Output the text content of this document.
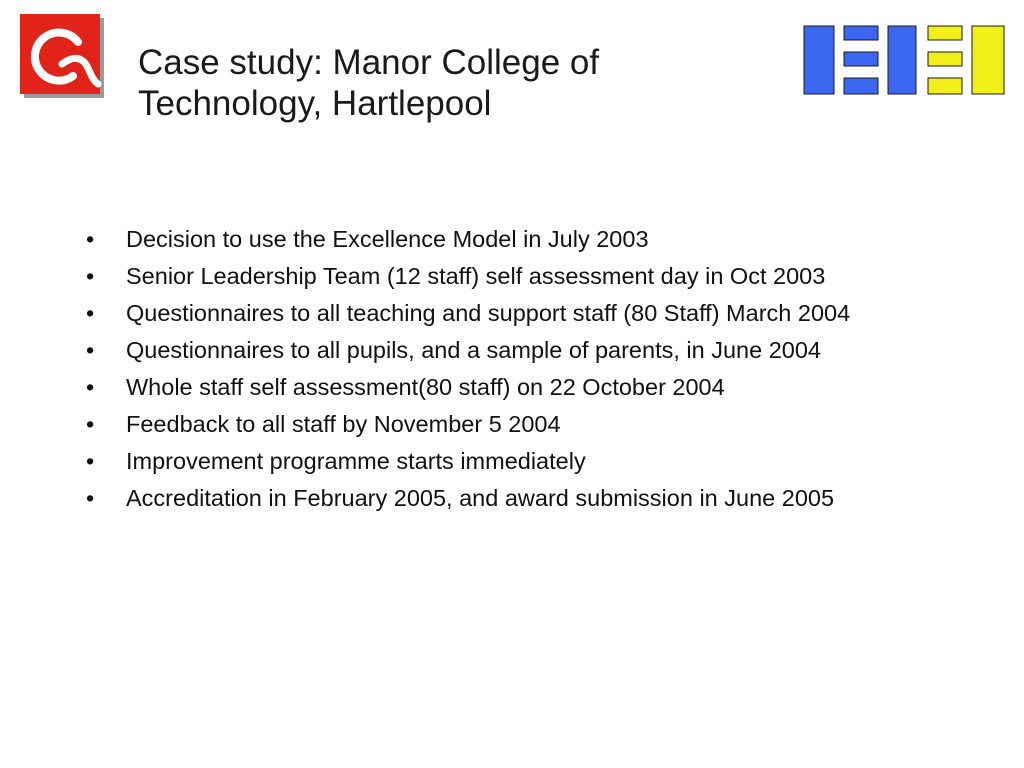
Case study: Manor College of Technology, Hartlepool
•	Decision to use the Excellence Model in July 2003
•	Senior Leadership Team (12 staff) self assessment day in Oct 2003
•	Questionnaires to all teaching and support staff (80 Staff) March 2004
•	Questionnaires to all pupils, and a sample of parents, in June 2004
•	Whole staff self assessment(80 staff) on 22 October 2004
•	Feedback to all staff by November 5 2004
•	Improvement programme starts immediately
•	Accreditation in February 2005, and award submission in June 2005
